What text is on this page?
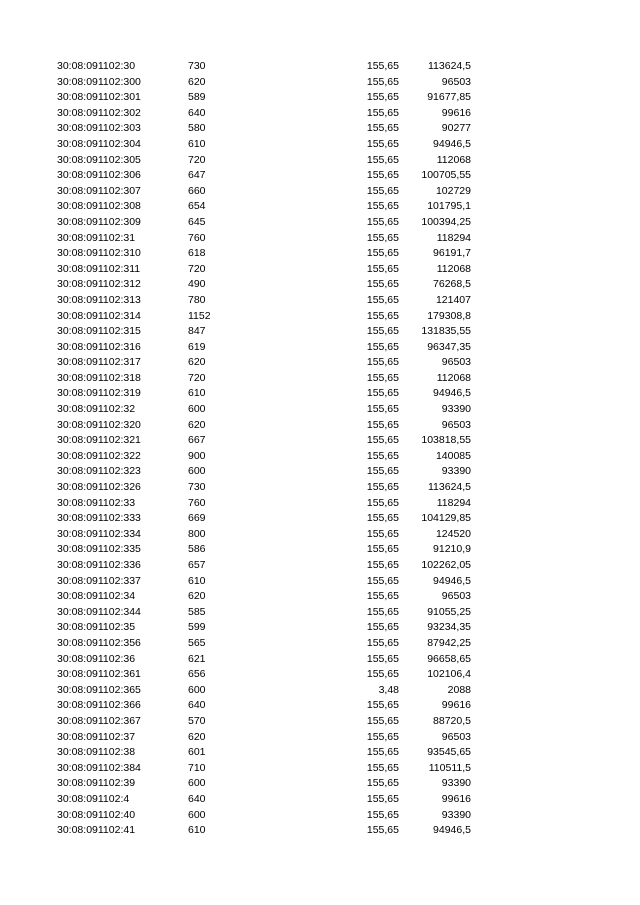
30:08:091102:30	730	155,65	113624,5
30:08:091102:300	620	155,65	96503
30:08:091102:301	589	155,65	91677,85
30:08:091102:302	640	155,65	99616
30:08:091102:303	580	155,65	90277
30:08:091102:304	610	155,65	94946,5
30:08:091102:305	720	155,65	112068
30:08:091102:306	647	155,65	100705,55
30:08:091102:307	660	155,65	102729
30:08:091102:308	654	155,65	101795,1
30:08:091102:309	645	155,65	100394,25
30:08:091102:31	760	155,65	118294
30:08:091102:310	618	155,65	96191,7
30:08:091102:311	720	155,65	112068
30:08:091102:312	490	155,65	76268,5
30:08:091102:313	780	155,65	121407
30:08:091102:314	1152	155,65	179308,8
30:08:091102:315	847	155,65	131835,55
30:08:091102:316	619	155,65	96347,35
30:08:091102:317	620	155,65	96503
30:08:091102:318	720	155,65	112068
30:08:091102:319	610	155,65	94946,5
30:08:091102:32	600	155,65	93390
30:08:091102:320	620	155,65	96503
30:08:091102:321	667	155,65	103818,55
30:08:091102:322	900	155,65	140085
30:08:091102:323	600	155,65	93390
30:08:091102:326	730	155,65	113624,5
30:08:091102:33	760	155,65	118294
30:08:091102:333	669	155,65	104129,85
30:08:091102:334	800	155,65	124520
30:08:091102:335	586	155,65	91210,9
30:08:091102:336	657	155,65	102262,05
30:08:091102:337	610	155,65	94946,5
30:08:091102:34	620	155,65	96503
30:08:091102:344	585	155,65	91055,25
30:08:091102:35	599	155,65	93234,35
30:08:091102:356	565	155,65	87942,25
30:08:091102:36	621	155,65	96658,65
30:08:091102:361	656	155,65	102106,4
30:08:091102:365	600	3,48	2088
30:08:091102:366	640	155,65	99616
30:08:091102:367	570	155,65	88720,5
30:08:091102:37	620	155,65	96503
30:08:091102:38	601	155,65	93545,65
30:08:091102:384	710	155,65	110511,5
30:08:091102:39	600	155,65	93390
30:08:091102:4	640	155,65	99616
30:08:091102:40	600	155,65	93390
30:08:091102:41	610	155,65	94946,5
